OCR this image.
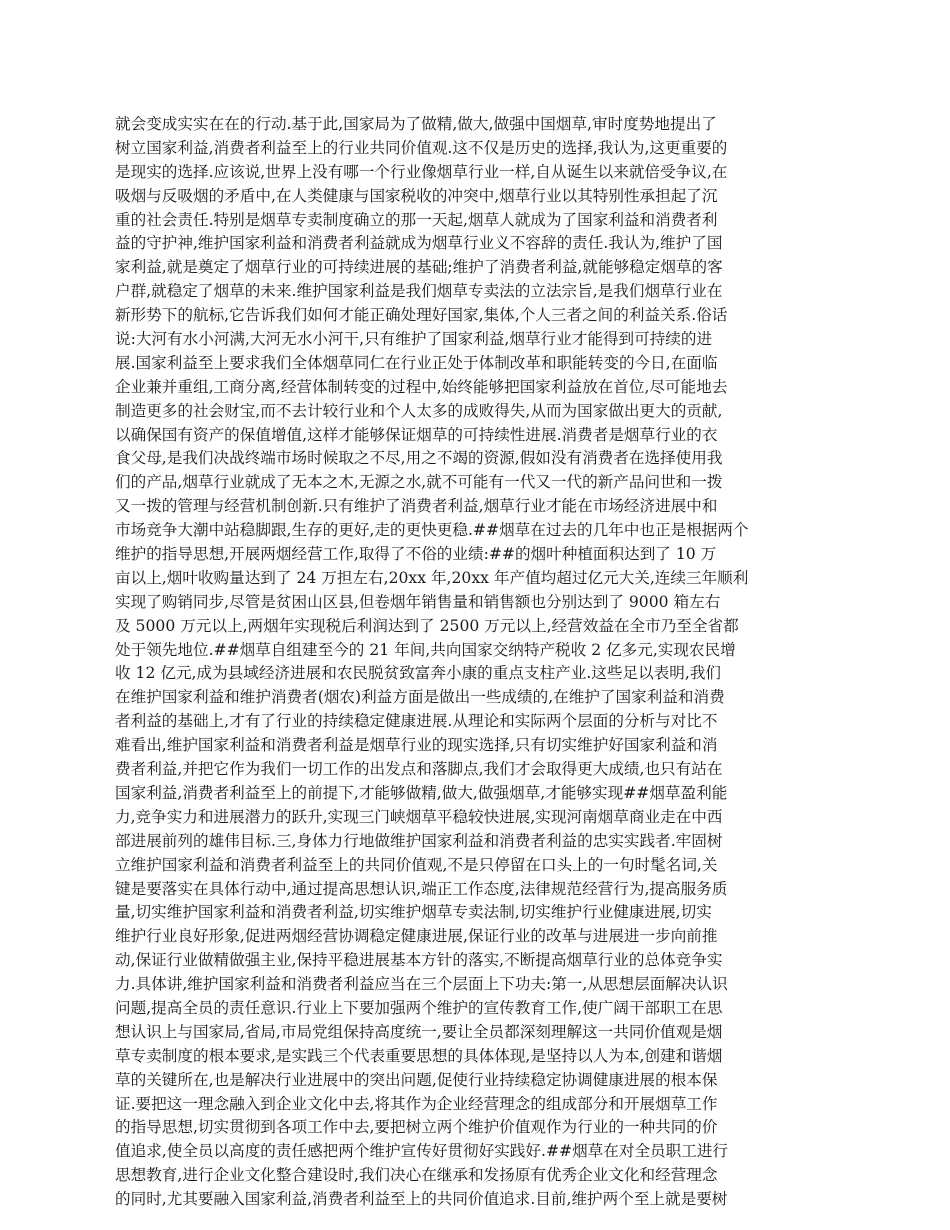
就会变成实实在在的行动.基于此,国家局为了做精,做大,做强中国烟草,审时度势地提出了
树立国家利益,消费者利益至上的行业共同价值观.这不仅是历史的选择,我认为,这更重要的
是现实的选择.应该说,世界上没有哪一个行业像烟草行业一样,自从诞生以来就倍受争议,在
吸烟与反吸烟的矛盾中,在人类健康与国家税收的冲突中,烟草行业以其特别性承担起了沉
重的社会责任.特别是烟草专卖制度确立的那一天起,烟草人就成为了国家利益和消费者利
益的守护神,维护国家利益和消费者利益就成为烟草行业义不容辞的责任.我认为,维护了国
家利益,就是奠定了烟草行业的可持续进展的基础;维护了消费者利益,就能够稳定烟草的客
户群,就稳定了烟草的未来.维护国家利益是我们烟草专卖法的立法宗旨,是我们烟草行业在
新形势下的航标,它告诉我们如何才能正确处理好国家,集体,个人三者之间的利益关系.俗话
说:大河有水小河满,大河无水小河干,只有维护了国家利益,烟草行业才能得到可持续的进
展.国家利益至上要求我们全体烟草同仁在行业正处于体制改革和职能转变的今日,在面临
企业兼并重组,工商分离,经营体制转变的过程中,始终能够把国家利益放在首位,尽可能地去
制造更多的社会财宝,而不去计较行业和个人太多的成败得失,从而为国家做出更大的贡献,
以确保国有资产的保值增值,这样才能够保证烟草的可持续性进展.消费者是烟草行业的衣
食父母,是我们决战终端市场时候取之不尽,用之不竭的资源,假如没有消费者在选择使用我
们的产品,烟草行业就成了无本之木,无源之水,就不可能有一代又一代的新产品问世和一拨
又一拨的管理与经营机制创新.只有维护了消费者利益,烟草行业才能在市场经济进展中和
市场竞争大潮中站稳脚跟,生存的更好,走的更快更稳.##烟草在过去的几年中也正是根据两个
维护的指导思想,开展两烟经营工作,取得了不俗的业绩:##的烟叶种植面积达到了 10 万
亩以上,烟叶收购量达到了 24 万担左右,20xx 年,20xx 年产值均超过亿元大关,连续三年顺利
实现了购销同步,尽管是贫困山区县,但卷烟年销售量和销售额也分别达到了 9000 箱左右
及 5000 万元以上,两烟年实现税后利润达到了 2500 万元以上,经营效益在全市乃至全省都
处于领先地位.##烟草自组建至今的 21 年间,共向国家交纳特产税收 2 亿多元,实现农民增
收 12 亿元,成为县域经济进展和农民脱贫致富奔小康的重点支柱产业.这些足以表明,我们
在维护国家利益和维护消费者(烟农)利益方面是做出一些成绩的,在维护了国家利益和消费
者利益的基础上,才有了行业的持续稳定健康进展.从理论和实际两个层面的分析与对比不
难看出,维护国家利益和消费者利益是烟草行业的现实选择,只有切实维护好国家利益和消
费者利益,并把它作为我们一切工作的出发点和落脚点,我们才会取得更大成绩,也只有站在
国家利益,消费者利益至上的前提下,才能够做精,做大,做强烟草,才能够实现##烟草盈利能
力,竞争实力和进展潜力的跃升,实现三门峡烟草平稳较快进展,实现河南烟草商业走在中西
部进展前列的雄伟目标.三,身体力行地做维护国家利益和消费者利益的忠实实践者.牢固树
立维护国家利益和消费者利益至上的共同价值观,不是只停留在口头上的一句时髦名词,关
键是要落实在具体行动中,通过提高思想认识,端正工作态度,法律规范经营行为,提高服务质
量,切实维护国家利益和消费者利益,切实维护烟草专卖法制,切实维护行业健康进展,切实
维护行业良好形象,促进两烟经营协调稳定健康进展,保证行业的改革与进展进一步向前推
动,保证行业做精做强主业,保持平稳进展基本方针的落实,不断提高烟草行业的总体竞争实
力.具体讲,维护国家利益和消费者利益应当在三个层面上下功夫:第一,从思想层面解决认识
问题,提高全员的责任意识.行业上下要加强两个维护的宣传教育工作,使广阔干部职工在思
想认识上与国家局,省局,市局党组保持高度统一,要让全员都深刻理解这一共同价值观是烟
草专卖制度的根本要求,是实践三个代表重要思想的具体体现,是坚持以人为本,创建和谐烟
草的关键所在,也是解决行业进展中的突出问题,促使行业持续稳定协调健康进展的根本保
证.要把这一理念融入到企业文化中去,将其作为企业经营理念的组成部分和开展烟草工作
的指导思想,切实贯彻到各项工作中去,要把树立两个维护价值观作为行业的一种共同的价
值追求,使全员以高度的责任感把两个维护宣传好贯彻好实践好.##烟草在对全员职工进行
思想教育,进行企业文化整合建设时,我们决心在继承和发扬原有优秀企业文化和经营理念
的同时,尤其要融入国家利益,消费者利益至上的共同价值追求.目前,维护两个至上就是要树
